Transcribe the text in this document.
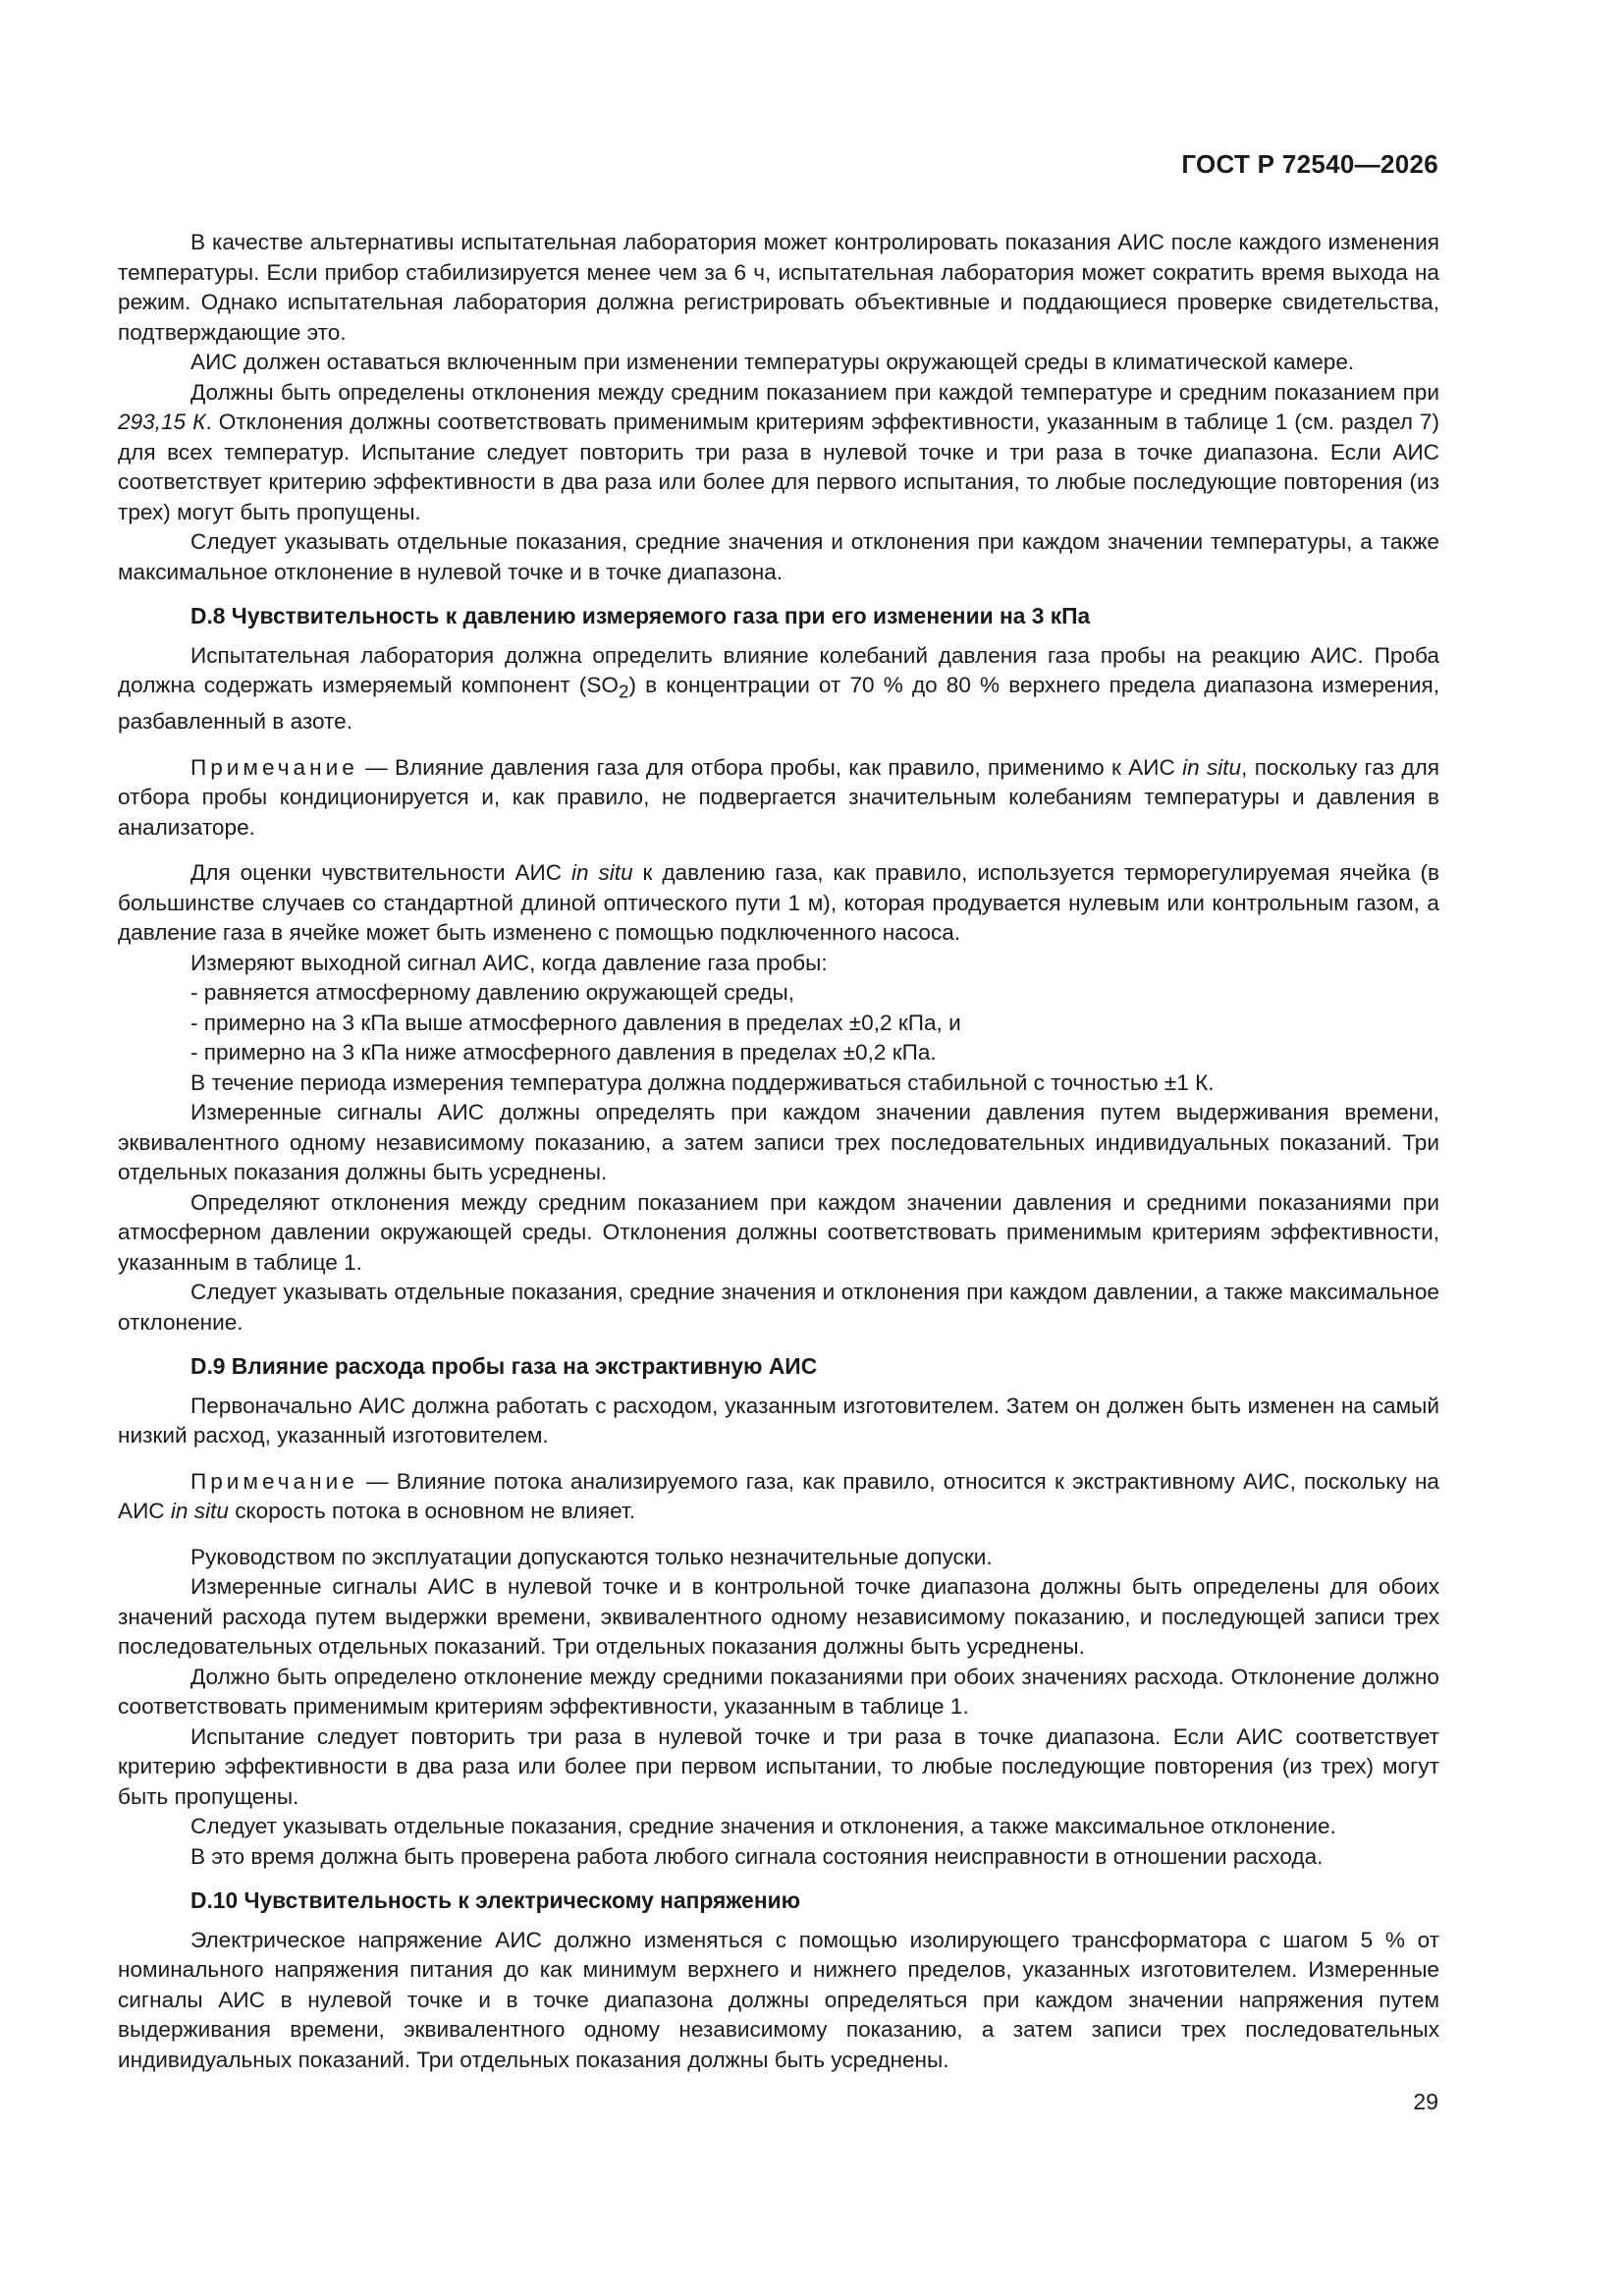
ГОСТ Р 72540—2026

В качестве альтернативы испытательная лаборатория может контролировать показания АИС после каждого изменения температуры. Если прибор стабилизируется менее чем за 6 ч, испытательная лаборатория может сократить время выхода на режим. Однако испытательная лаборатория должна регистрировать объективные и поддающиеся проверке свидетельства, подтверждающие это.

АИС должен оставаться включенным при изменении температуры окружающей среды в климатической камере.

Должны быть определены отклонения между средним показанием при каждой температуре и средним показанием при 293,15 К. Отклонения должны соответствовать применимым критериям эффективности, указанным в таблице 1 (см. раздел 7) для всех температур. Испытание следует повторить три раза в нулевой точке и три раза в точке диапазона. Если АИС соответствует критерию эффективности в два раза или более для первого испытания, то любые последующие повторения (из трех) могут быть пропущены.

Следует указывать отдельные показания, средние значения и отклонения при каждом значении температуры, а также максимальное отклонение в нулевой точке и в точке диапазона.

D.8 Чувствительность к давлению измеряемого газа при его изменении на 3 кПа

Испытательная лаборатория должна определить влияние колебаний давления газа пробы на реакцию АИС. Проба должна содержать измеряемый компонент $(SO_2)$ в концентрации от 70 % до 80 % верхнего предела диапазона измерения, разбавленный в азоте.

Примечание — Влияние давления газа для отбора пробы, как правило, применимо к АИС in situ, поскольку газ для отбора пробы кондиционируется и, как правило, не подвергается значительным колебаниям температуры и давления в анализаторе.

Для оценки чувствительности АИС in situ к давлению газа, как правило, используется терморегулируемая ячейка (в большинстве случаев со стандартной длиной оптического пути 1 м), которая продувается нулевым или контрольным газом, а давление газа в ячейке может быть изменено с помощью подключенного насоса.

Измеряют выходной сигнал АИС, когда давление газа пробы:

- равняется атмосферному давлению окружающей среды,

- примерно на 3 кПа выше атмосферного давления в пределах ±0,2 кПа, и

- примерно на 3 кПа ниже атмосферного давления в пределах ±0,2 кПа.

В течение периода измерения температура должна поддерживаться стабильной с точностью ±1 К.

Измеренные сигналы АИС должны определять при каждом значении давления путем выдерживания времени, эквивалентного одному независимому показанию, а затем записи трех последовательных индивидуальных показаний. Три отдельных показания должны быть усреднены.

Определяют отклонения между средним показанием при каждом значении давления и средними показаниями при атмосферном давлении окружающей среды. Отклонения должны соответствовать применимым критериям эффективности, указанным в таблице 1.

Следует указывать отдельные показания, средние значения и отклонения при каждом давлении, а также максимальное отклонение.

D.9 Влияние расхода пробы газа на экстрактивную АИС

Первоначально АИС должна работать с расходом, указанным изготовителем. Затем он должен быть изменен на самый низкий расход, указанный изготовителем.

Примечание — Влияние потока анализируемого газа, как правило, относится к экстрактивному АИС, поскольку на АИС in situ скорость потока в основном не влияет.

Руководством по эксплуатации допускаются только незначительные допуски.

Измеренные сигналы АИС в нулевой точке и в контрольной точке диапазона должны быть определены для обоих значений расхода путем выдержки времени, эквивалентного одному независимому показанию, и последующей записи трех последовательных отдельных показаний. Три отдельных показания должны быть усреднены.

Должно быть определено отклонение между средними показаниями при обоих значениях расхода. Отклонение должно соответствовать применимым критериям эффективности, указанным в таблице 1.

Испытание следует повторить три раза в нулевой точке и три раза в точке диапазона. Если АИС соответствует критерию эффективности в два раза или более при первом испытании, то любые последующие повторения (из трех) могут быть пропущены.

Следует указывать отдельные показания, средние значения и отклонения, а также максимальное отклонение.

В это время должна быть проверена работа любого сигнала состояния неисправности в отношении расхода.

D.10 Чувствительность к электрическому напряжению

Электрическое напряжение АИС должно изменяться с помощью изолирующего трансформатора с шагом 5 % от номинального напряжения питания до как минимум верхнего и нижнего пределов, указанных изготовителем. Измеренные сигналы АИС в нулевой точке и в точке диапазона должны определяться при каждом значении напряжения путем выдерживания времени, эквивалентного одному независимому показанию, а затем записи трех последовательных индивидуальных показаний. Три отдельных показания должны быть усреднены.

29
